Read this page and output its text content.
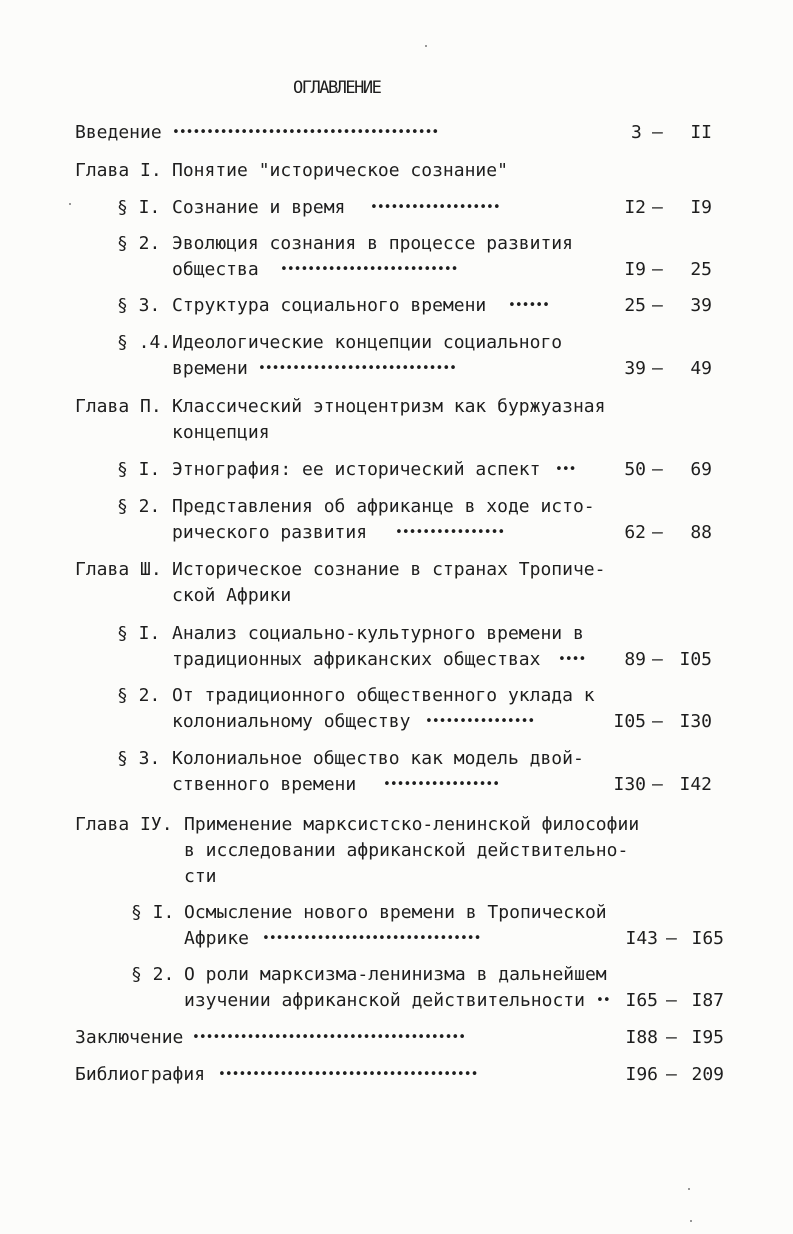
ОГЛАВЛЕНИЕ

Введение •••••••••••••••••••••••••••••••••••••••	3 –	II

Глава I. Понятие "историческое сознание"

§ I. Сознание и время •••••••••••••••••••	I2 –	I9

§ 2. Эволюция сознания в процессе развития

общества ••••••••••••••••••••••••••	I9 –	25

§ 3. Структура социального времени ••••••	25 –	39

§ .4. Идеологические концепции социального

времени •••••••••••••••••••••••••••••	39 –	49

Глава П. Классический этноцентризм как буржуазная

концепция

§ I. Этнография: ее исторический аспект •••	50 –	69

§ 2. Представления об африканце в ходе исто-

рического развития ••••••••••••••••	62 –	88

Глава Ш. Историческое сознание в странах Тропиче-

ской Африки

§ I. Анализ социально-культурного времени в

традиционных африканских обществах ••••	89 – I05

§ 2. От традиционного общественного уклада к

колониальному обществу ••••••••••••••••	I05 – I30

§ 3. Колониальное общество как модель двой-

ственного времени •••••••••••••••••	I30 – I42

Глава IУ. Применение марксистско-ленинской философии

в исследовании африканской действительно-

сти

§ I. Осмысление нового времени в Тропической

Африке ••••••••••••••••••••••••••••••••	I43 – I65

§ 2. О роли марксизма-ленинизма в дальнейшем

изучении африканской действительности •• I65 – I87

Заключение ••••••••••••••••••••••••••••••••••••••••	I88 – I95

Библиография ••••••••••••••••••••••••••••••••••••••	I96 – 209
